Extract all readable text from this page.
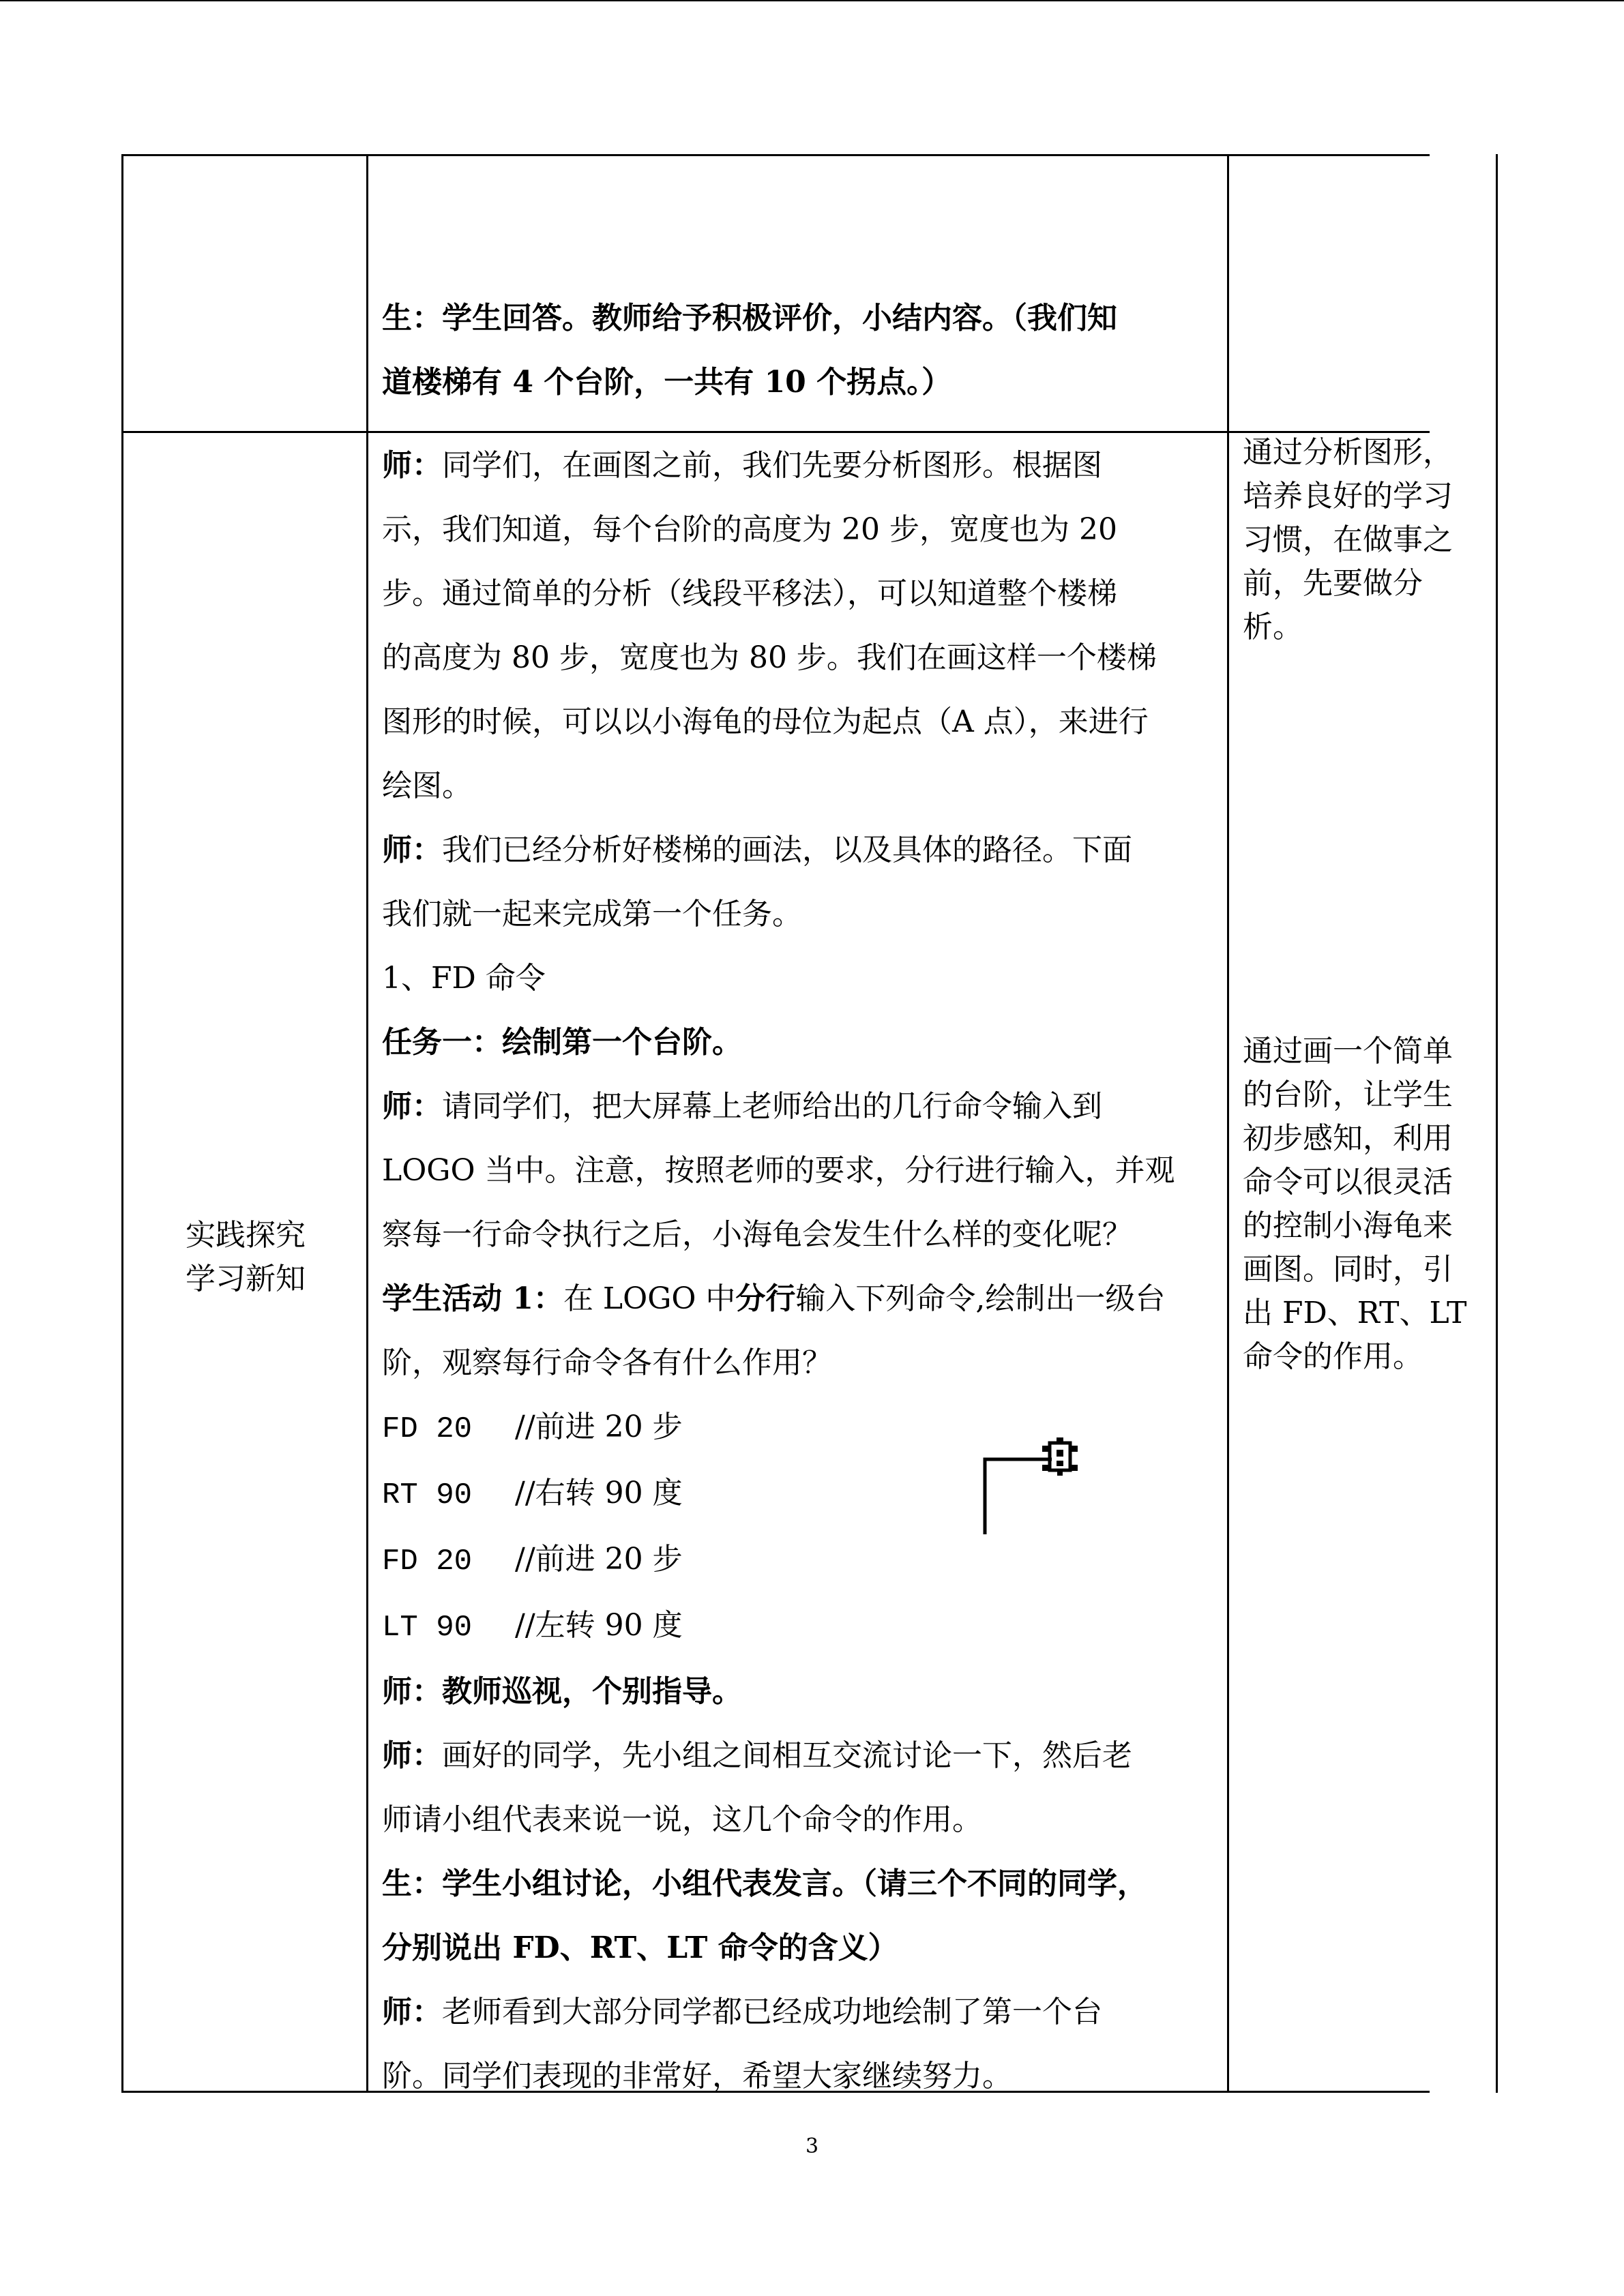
生：学生回答。教师给予积极评价，小结内容。（我们知

道楼梯有 4 个台阶，一共有 10 个拐点。）

实践探究
学习新知

师：同学们，在画图之前，我们先要分析图形。根据图

示，我们知道，每个台阶的高度为 20 步，宽度也为 20

步。通过简单的分析（线段平移法），可以知道整个楼梯

的高度为 80 步，宽度也为 80 步。我们在画这样一个楼梯

图形的时候，可以以小海龟的母位为起点（A 点），来进行

绘图。

师：我们已经分析好楼梯的画法，以及具体的路径。下面

我们就一起来完成第一个任务。

1、FD 命令

任务一：绘制第一个台阶。

师：请同学们，把大屏幕上老师给出的几行命令输入到

LOGO 当中。注意，按照老师的要求，分行进行输入，并观

察每一行命令执行之后，小海龟会发生什么样的变化呢？

学生活动 1：在 LOGO 中分行输入下列命令,绘制出一级台

阶，观察每行命令各有什么作用？

FD 20 //前进 20 步

RT 90 //右转 90 度

FD 20 //前进 20 步

LT 90 //左转 90 度

师：教师巡视，个别指导。

师：画好的同学，先小组之间相互交流讨论一下，然后老

师请小组代表来说一说，这几个命令的作用。

生：学生小组讨论，小组代表发言。（请三个不同的同学，

分别说出 FD、RT、LT 命令的含义）

师：老师看到大部分同学都已经成功地绘制了第一个台

阶。同学们表现的非常好，希望大家继续努力。

通过分析图形，

培养良好的学习

习惯，在做事之

前，先要做分

析。

通过画一个简单

的台阶，让学生

初步感知，利用

命令可以很灵活

的控制小海龟来

画图。同时，引

出 FD、RT、LT

命令的作用。

3
